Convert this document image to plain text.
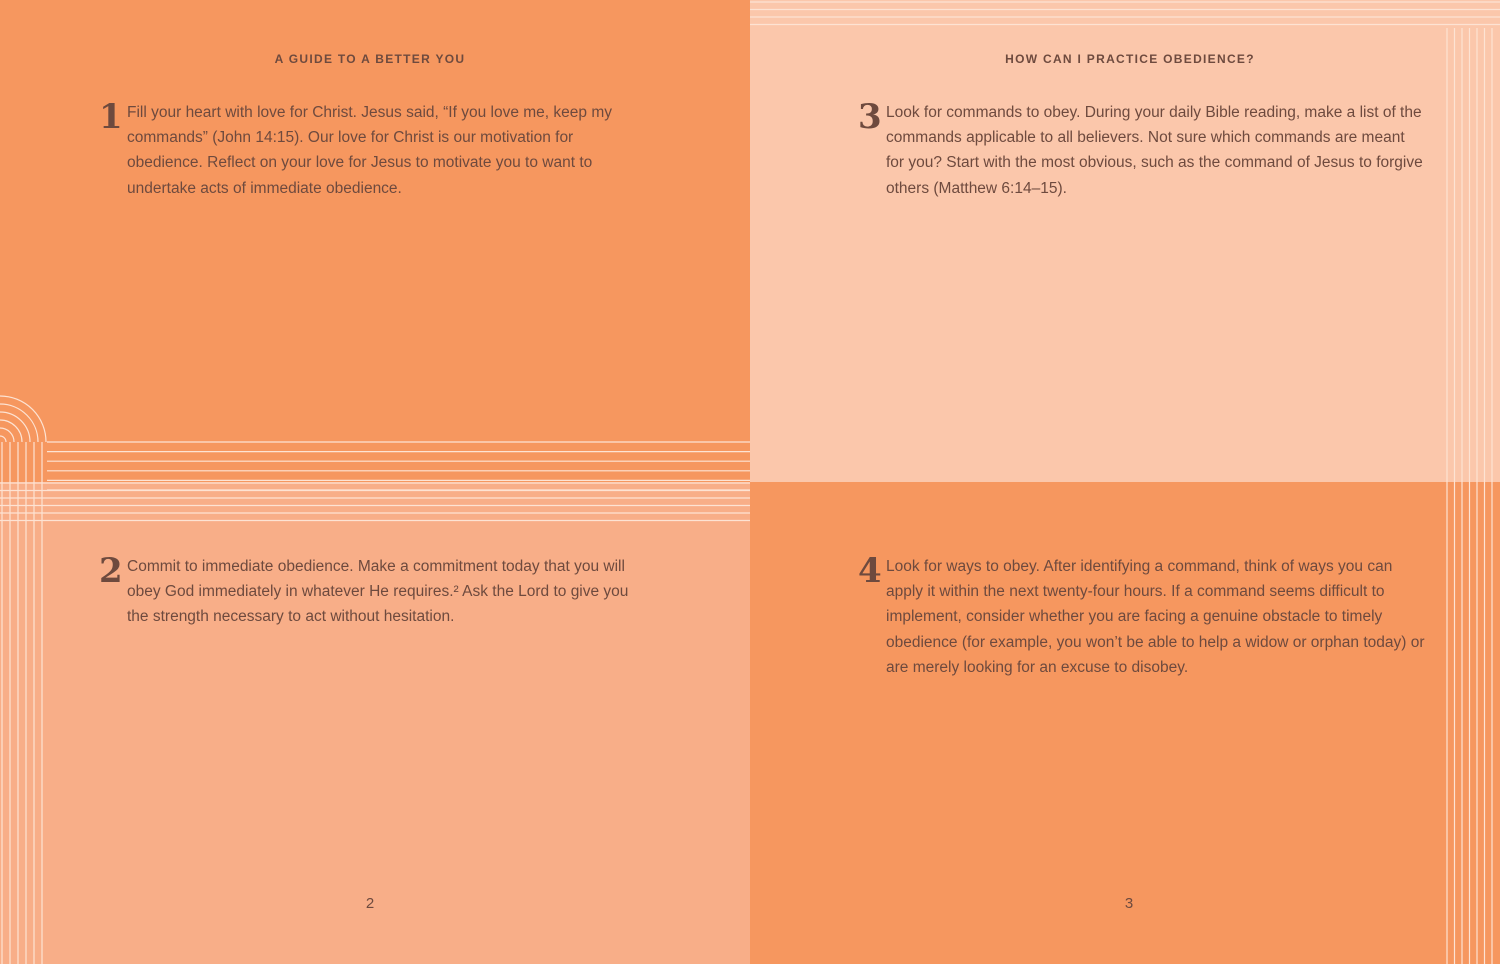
A GUIDE TO A BETTER YOU	HOW CAN I PRACTICE OBEDIENCE?
1 Fill your heart with love for Christ. Jesus said, “If you love me, keep my commands” (John 14:15). Our love for Christ is our motivation for obedience. Reflect on your love for Jesus to motivate you to want to undertake acts of immediate obedience.
2 Commit to immediate obedience. Make a commitment today that you will obey God immediately in whatever He requires.² Ask the Lord to give you the strength necessary to act without hesitation.
3 Look for commands to obey. During your daily Bible reading, make a list of the commands applicable to all believers. Not sure which commands are meant for you? Start with the most obvious, such as the command of Jesus to forgive others (Matthew 6:14–15).
4 Look for ways to obey. After identifying a command, think of ways you can apply it within the next twenty-four hours. If a command seems difficult to implement, consider whether you are facing a genuine obstacle to timely obedience (for example, you won’t be able to help a widow or orphan today) or are merely looking for an excuse to disobey.
2	3
